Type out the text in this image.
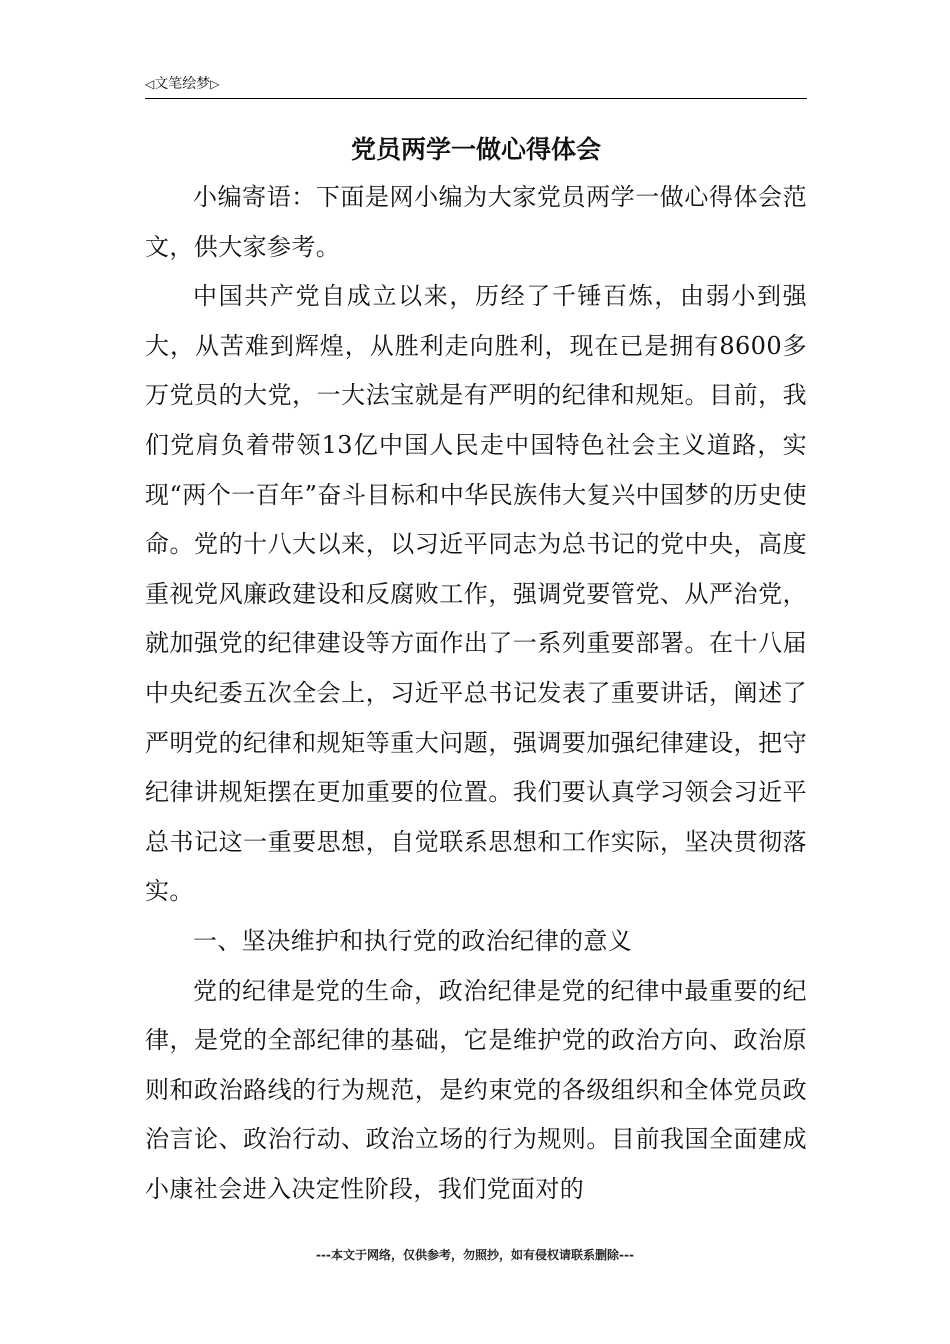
◁文笔绘梦▷
党员两学一做心得体会

小编寄语：下面是网小编为大家党员两学一做心得体会范文，供大家参考。

中国共产党自成立以来，历经了千锤百炼，由弱小到强大，从苦难到辉煌，从胜利走向胜利，现在已是拥有8600多万党员的大党，一大法宝就是有严明的纪律和规矩。目前，我们党肩负着带领13亿中国人民走中国特色社会主义道路，实现“两个一百年”奋斗目标和中华民族伟大复兴中国梦的历史使命。党的十八大以来，以习近平同志为总书记的党中央，高度重视党风廉政建设和反腐败工作，强调党要管党、从严治党，就加强党的纪律建设等方面作出了一系列重要部署。在十八届中央纪委五次全会上，习近平总书记发表了重要讲话，阐述了严明党的纪律和规矩等重大问题，强调要加强纪律建设，把守纪律讲规矩摆在更加重要的位置。我们要认真学习领会习近平总书记这一重要思想，自觉联系思想和工作实际，坚决贯彻落实。

一、坚决维护和执行党的政治纪律的意义

党的纪律是党的生命，政治纪律是党的纪律中最重要的纪律，是党的全部纪律的基础，它是维护党的政治方向、政治原则和政治路线的行为规范，是约束党的各级组织和全体党员政治言论、政治行动、政治立场的行为规则。目前我国全面建成小康社会进入决定性阶段，我们党面对的

---本文于网络，仅供参考，勿照抄，如有侵权请联系删除---
